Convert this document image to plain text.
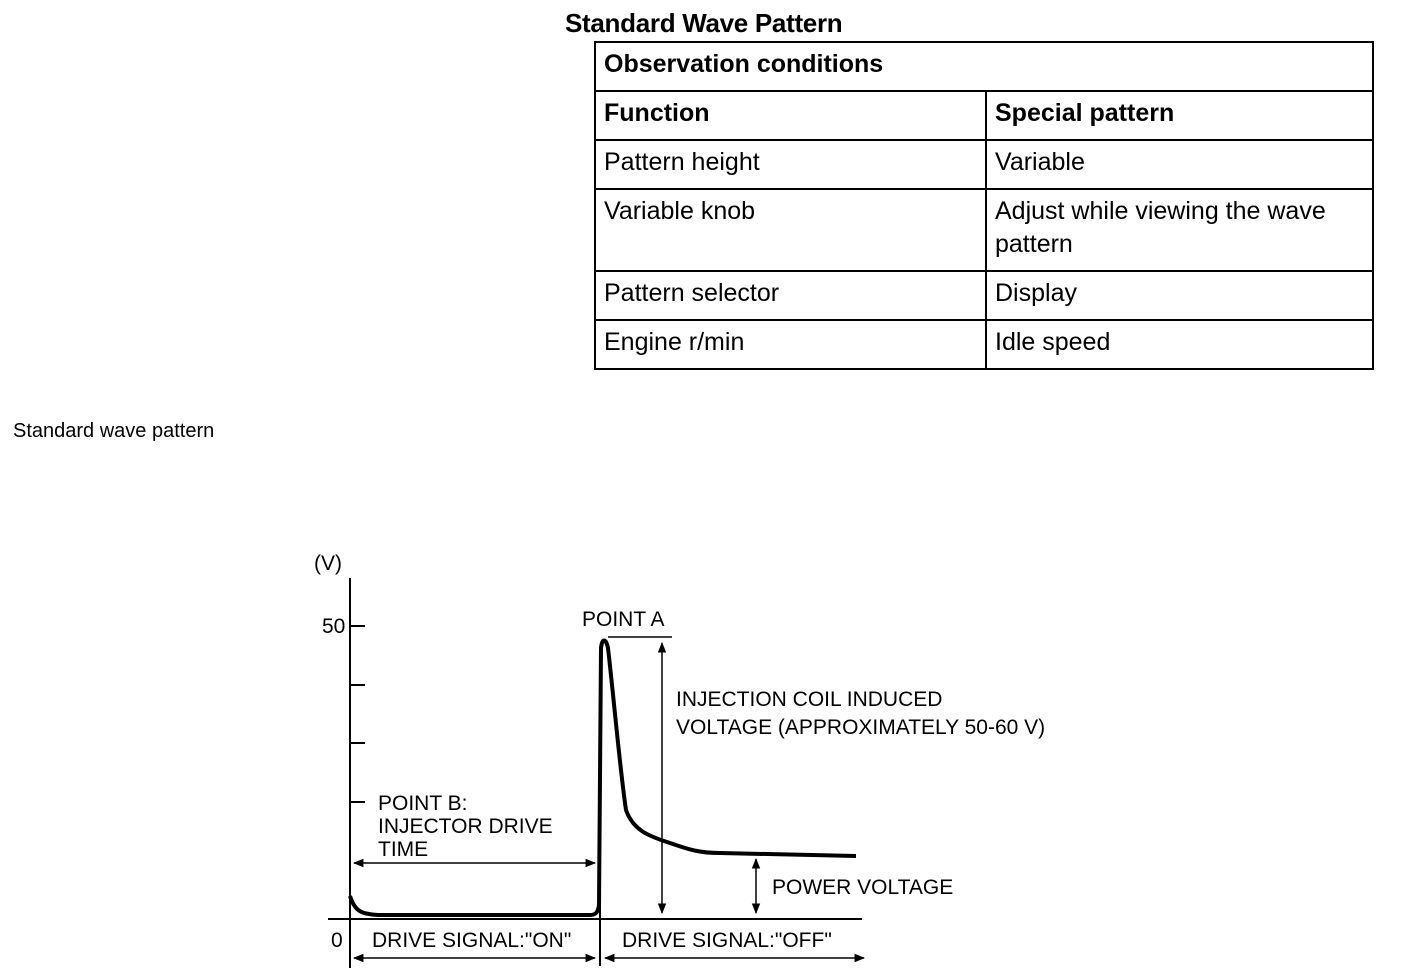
Standard Wave Pattern
Observation conditions	
Function	Special pattern
Pattern height	Variable
Variable knob	Adjust while viewing the wave pattern
Pattern selector	Display
Engine r/min	Idle speed
Standard wave pattern
(V)
50
0
POINT A
INJECTION COIL INDUCED
VOLTAGE (APPROXIMATELY 50-60 V)
POINT B:
INJECTOR DRIVE
TIME
POWER VOLTAGE
DRIVE SIGNAL:"ON" DRIVE SIGNAL:"OFF"
